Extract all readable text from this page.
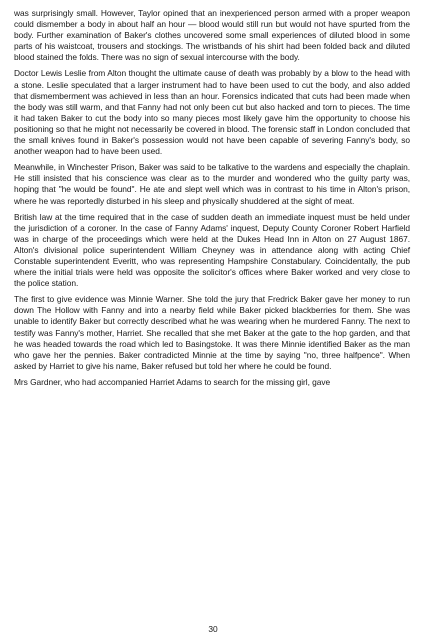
was surprisingly small. However, Taylor opined that an inexperienced person armed with a proper weapon could dismember a body in about half an hour — blood would still run but would not have spurted from the body. Further examination of Baker's clothes uncovered some small experiences of diluted blood in some parts of his waistcoat, trousers and stockings. The wristbands of his shirt had been folded back and diluted blood stained the folds. There was no sign of sexual intercourse with the body.

Doctor Lewis Leslie from Alton thought the ultimate cause of death was probably by a blow to the head with a stone. Leslie speculated that a larger instrument had to have been used to cut the body, and also added that dismemberment was achieved in less than an hour. Forensics indicated that cuts had been made when the body was still warm, and that Fanny had not only been cut but also hacked and torn to pieces. The time it had taken Baker to cut the body into so many pieces most likely gave him the opportunity to choose his positioning so that he might not necessarily be covered in blood. The forensic staff in London concluded that the small knives found in Baker's possession would not have been capable of severing Fanny's body, so another weapon had to have been used.

Meanwhile, in Winchester Prison, Baker was said to be talkative to the wardens and especially the chaplain. He still insisted that his conscience was clear as to the murder and wondered who the guilty party was, hoping that "he would be found". He ate and slept well which was in contrast to his time in Alton's prison, where he was reportedly disturbed in his sleep and physically shuddered at the sight of meat.

British law at the time required that in the case of sudden death an immediate inquest must be held under the jurisdiction of a coroner. In the case of Fanny Adams' inquest, Deputy County Coroner Robert Harfield was in charge of the proceedings which were held at the Dukes Head Inn in Alton on 27 August 1867. Alton's divisional police superintendent William Cheyney was in attendance along with acting Chief Constable superintendent Everitt, who was representing Hampshire Constabulary. Coincidentally, the pub where the initial trials were held was opposite the solicitor's offices where Baker worked and very close to the police station.

The first to give evidence was Minnie Warner. She told the jury that Fredrick Baker gave her money to run down The Hollow with Fanny and into a nearby field while Baker picked blackberries for them. She was unable to identify Baker but correctly described what he was wearing when he murdered Fanny. The next to testify was Fanny's mother, Harriet. She recalled that she met Baker at the gate to the hop garden, and that he was headed towards the road which led to Basingstoke. It was there Minnie identified Baker as the man who gave her the pennies. Baker contradicted Minnie at the time by saying "no, three halfpence". When asked by Harriet to give his name, Baker refused but told her where he could be found.

Mrs Gardner, who had accompanied Harriet Adams to search for the missing girl, gave

30
